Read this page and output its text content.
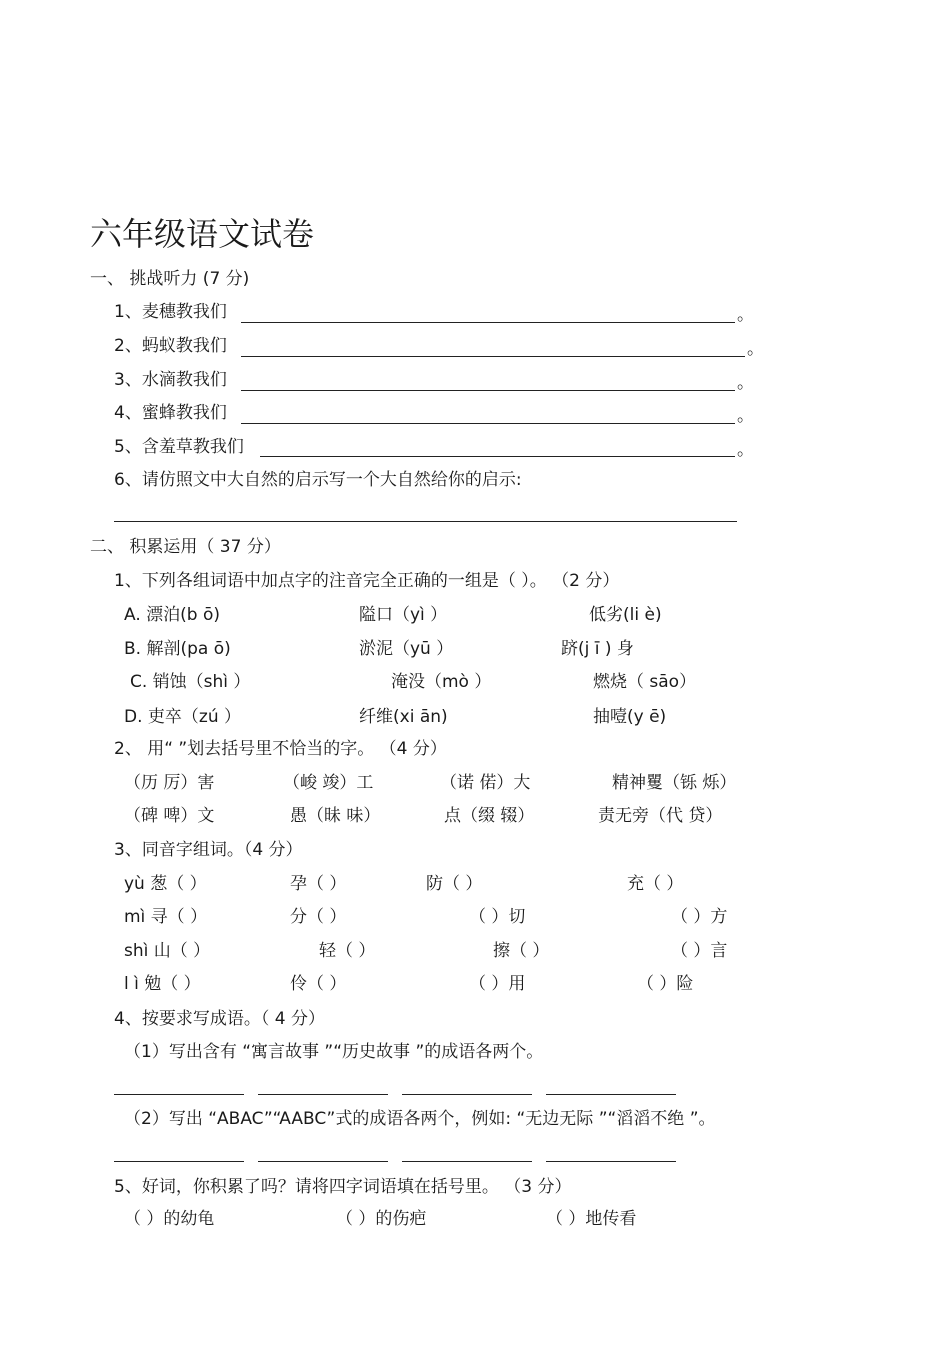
六年级语文试卷
一、 挑战听力 (7 分)
1、麦穗教我们	。
2、蚂蚁教我们	。
3、水滴教我们	。
4、蜜蜂教我们	。
5、含羞草教我们	。
6、请仿照文中大自然的启示写一个大自然给你的启示:
二、 积累运用（ 37 分）
1、下列各组词语中加点字的注音完全正确的一组是（ ）。 （2 分）
A. 漂泊(b ō)	隘口（yì ）	低劣(li è)
B. 解剖(pa ō)	淤泥（yū ）	跻(j ī ) 身
C. 销蚀（shì ）	淹没（mò ）	燃烧（ sāo）
D. 吏卒（zú ）	纤维(xi ān)	抽噎(y ē)
2、 用“ ”划去括号里不恰当的字。 （4 分）
（历 厉）害	（峻 竣）工	（诺 偌）大	精神矍（铄 烁）
（碑 啤）文	愚（昧 味）	点（缀 辍）	责无旁（代 贷）
3、同音字组词。（4 分）
yù 葱（ ）	孕（ ）	防（ ）	充（ ）
mì 寻（ ）	分（ ）	（ ）切	（ ）方
shì 山（ ）	轻（ ）	擦（ ）	（ ）言
l ì 勉（ ）	伶（ ）	（ ）用	（ ）险
4、按要求写成语。（ 4 分）
（1）写出含有 “寓言故事 ”“历史故事 ”的成语各两个。
（2）写出 “ABAC”“AABC”式的成语各两个，例如: “无边无际 ”“滔滔不绝 ”。
5、好词，你积累了吗？请将四字词语填在括号里。 （3 分）
（ ）的幼龟	（ ）的伤疤	（ ）地传看
